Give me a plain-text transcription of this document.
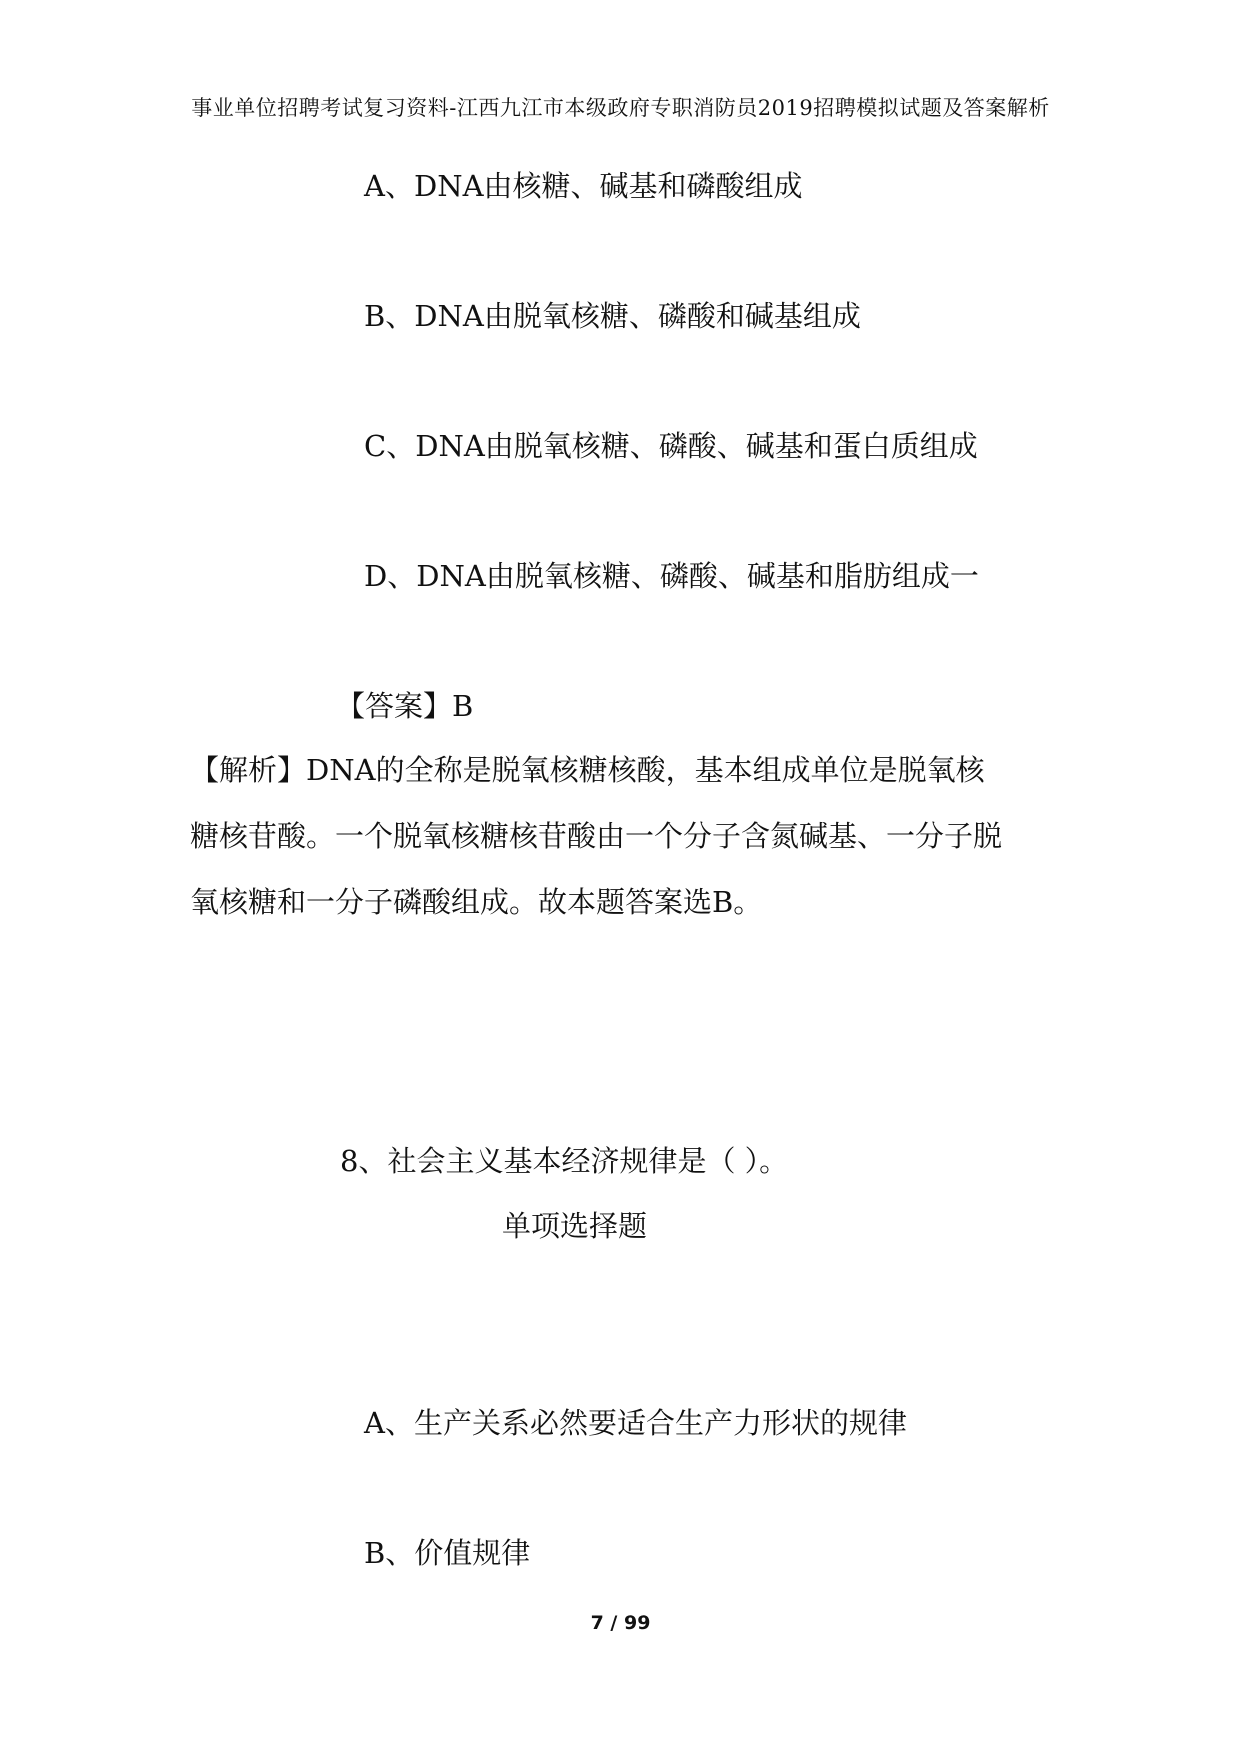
事业单位招聘考试复习资料-江西九江市本级政府专职消防员2019招聘模拟试题及答案解析
A、DNA由核糖、碱基和磷酸组成
B、DNA由脱氧核糖、磷酸和碱基组成
C、DNA由脱氧核糖、磷酸、碱基和蛋白质组成
D、DNA由脱氧核糖、磷酸、碱基和脂肪组成一
【答案】B
【解析】DNA的全称是脱氧核糖核酸，基本组成单位是脱氧核
糖核苷酸。一个脱氧核糖核苷酸由一个分子含氮碱基、一分子脱
氧核糖和一分子磷酸组成。故本题答案选B。
8、社会主义基本经济规律是（ ）。
单项选择题
A、生产关系必然要适合生产力形状的规律
B、价值规律
7 / 99
